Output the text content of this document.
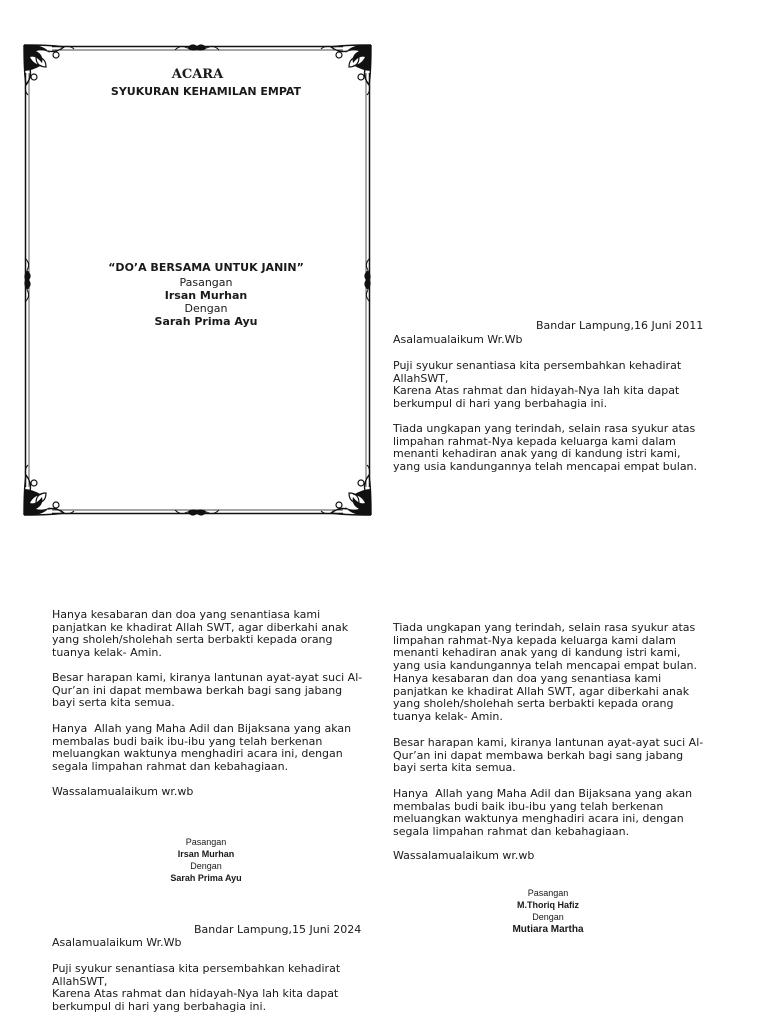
ACARA
SYUKURAN KEHAMILAN EMPAT
“DO’A BERSAMA UNTUK JANIN”
Pasangan
Irsan Murhan
Dengan
Sarah Prima Ayu	Bandar Lampung,16 Juni 2011
Asalamualaikum Wr.Wb
Puji syukur senantiasa kita persembahkan kehadirat
AllahSWT,
Karena Atas rahmat dan hidayah-Nya lah kita dapat
berkumpul di hari yang berbahagia ini.
Tiada ungkapan yang terindah, selain rasa syukur atas
limpahan rahmat-Nya kepada keluarga kami dalam
menanti kehadiran anak yang di kandung istri kami,
yang usia kandungannya telah mencapai empat bulan.
Hanya kesabaran dan doa yang senantiasa kami
panjatkan ke khadirat Allah SWT, agar diberkahi anak
yang sholeh/sholehah serta berbakti kepada orang
tuanya kelak- Amin.
Besar harapan kami, kiranya lantunan ayat-ayat suci Al-
Qur’an ini dapat membawa berkah bagi sang jabang
bayi serta kita semua.
Hanya  Allah yang Maha Adil dan Bijaksana yang akan
membalas budi baik ibu-ibu yang telah berkenan
meluangkan waktunya menghadiri acara ini, dengan
segala limpahan rahmat dan kebahagiaan.
Wassalamualaikum wr.wb
Pasangan
Irsan Murhan
Dengan
Sarah Prima Ayu
Bandar Lampung,15 Juni 2024
Asalamualaikum Wr.Wb
Puji syukur senantiasa kita persembahkan kehadirat
AllahSWT,
Karena Atas rahmat dan hidayah-Nya lah kita dapat
berkumpul di hari yang berbahagia ini.
Tiada ungkapan yang terindah, selain rasa syukur atas
limpahan rahmat-Nya kepada keluarga kami dalam
menanti kehadiran anak yang di kandung istri kami,
yang usia kandungannya telah mencapai empat bulan.
Hanya kesabaran dan doa yang senantiasa kami
panjatkan ke khadirat Allah SWT, agar diberkahi anak
yang sholeh/sholehah serta berbakti kepada orang
tuanya kelak- Amin.
Besar harapan kami, kiranya lantunan ayat-ayat suci Al-
Qur’an ini dapat membawa berkah bagi sang jabang
bayi serta kita semua.
Hanya  Allah yang Maha Adil dan Bijaksana yang akan
membalas budi baik ibu-ibu yang telah berkenan
meluangkan waktunya menghadiri acara ini, dengan
segala limpahan rahmat dan kebahagiaan.
Wassalamualaikum wr.wb
Pasangan
M.Thoriq Hafiz
Dengan
Mutiara Martha
